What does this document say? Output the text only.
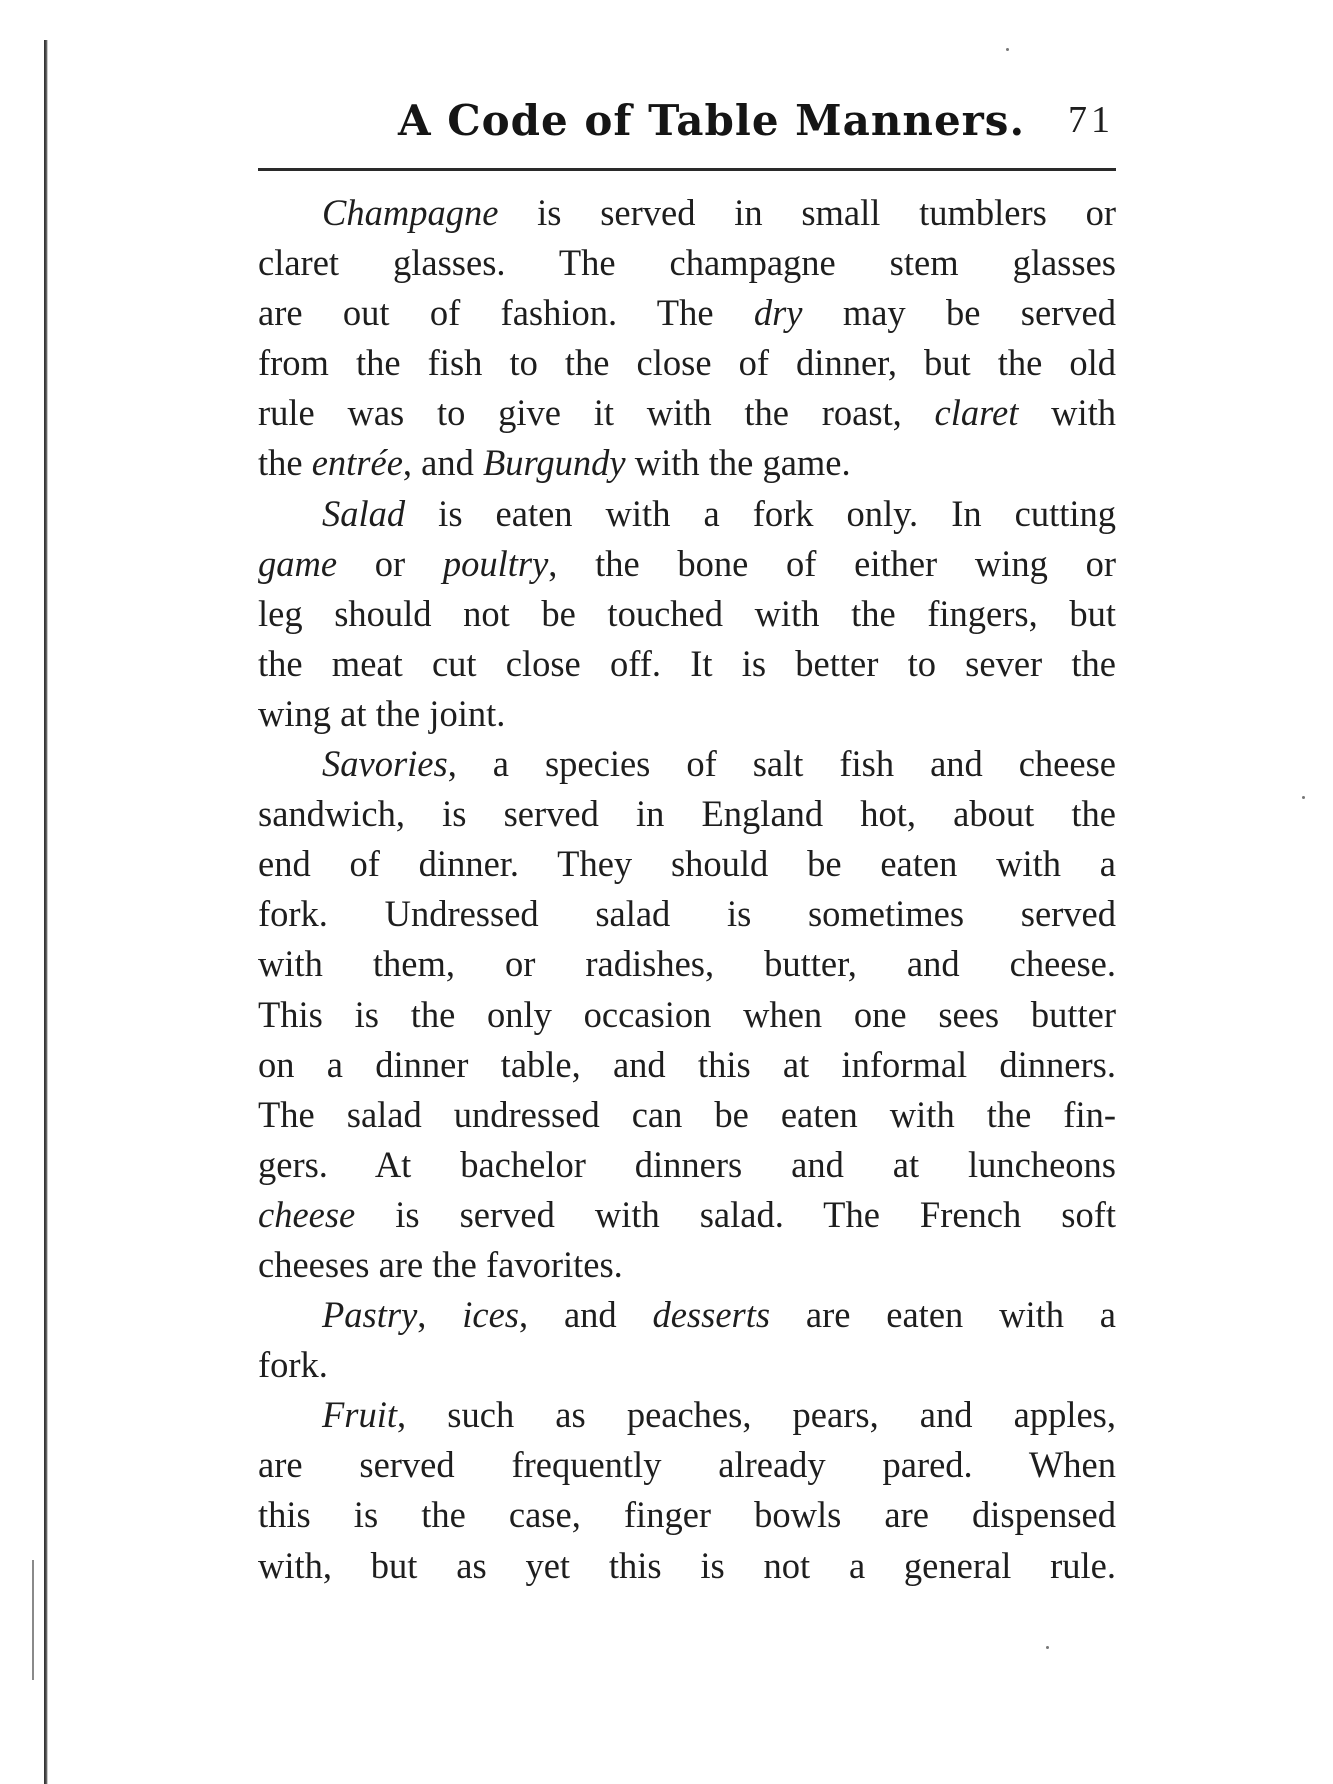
A Code of Table Manners. 71
Champagne is served in small tumblers or
claret glasses. The champagne stem glasses
are out of fashion. The dry may be served
from the fish to the close of dinner, but the old
rule was to give it with the roast, claret with
the entrée, and Burgundy with the game.
Salad is eaten with a fork only. In cutting
game or poultry, the bone of either wing or
leg should not be touched with the fingers, but
the meat cut close off. It is better to sever the
wing at the joint.
Savories, a species of salt fish and cheese
sandwich, is served in England hot, about the
end of dinner. They should be eaten with a
fork. Undressed salad is sometimes served
with them, or radishes, butter, and cheese.
This is the only occasion when one sees butter
on a dinner table, and this at informal dinners.
The salad undressed can be eaten with the fin-
gers. At bachelor dinners and at luncheons
cheese is served with salad. The French soft
cheeses are the favorites.
Pastry, ices, and desserts are eaten with a
fork.
Fruit, such as peaches, pears, and apples,
are served frequently already pared. When
this is the case, finger bowls are dispensed
with, but as yet this is not a general rule.
